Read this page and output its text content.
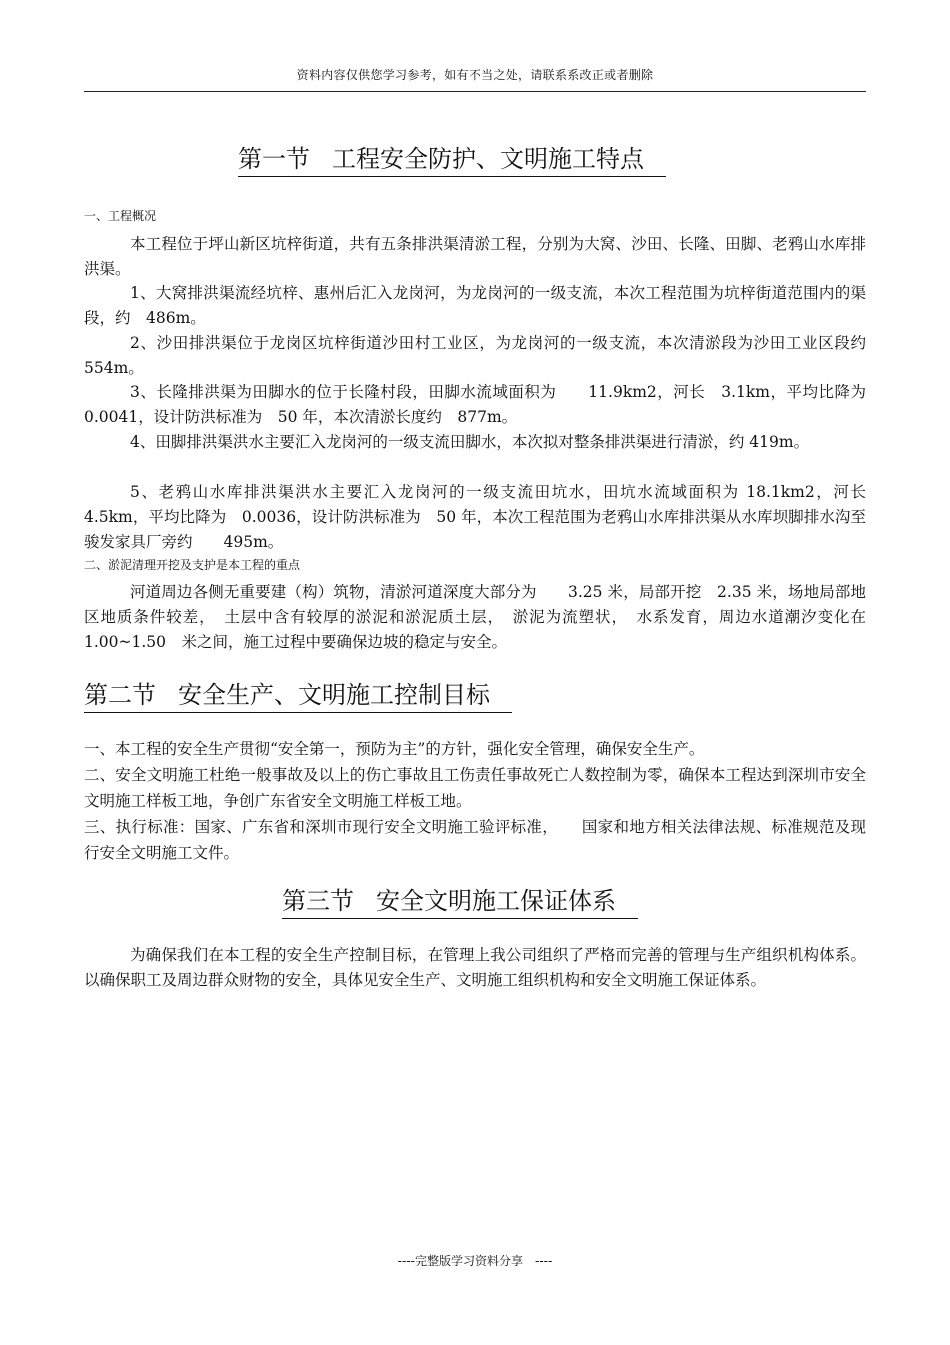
资料内容仅供您学习参考，如有不当之处，请联系系改正或者删除
第一节 工程安全防护、文明施工特点
一、工程概况
本工程位于坪山新区坑梓街道，共有五条排洪渠清淤工程，分别为大窝、沙田、长隆、田脚、老鸦山水库排洪渠。
1、大窝排洪渠流经坑梓、惠州后汇入龙岗河，为龙岗河的一级支流，本次工程范围为坑梓街道范围内的渠段，约　486m。
2、沙田排洪渠位于龙岗区坑梓街道沙田村工业区，为龙岗河的一级支流，本次清淤段为沙田工业区段约　554m。
3、长隆排洪渠为田脚水的位于长隆村段，田脚水流域面积为　　11.9km2，河长　3.1km，平均比降为　0.0041，设计防洪标准为　50 年，本次清淤长度约　877m。
4、田脚排洪渠洪水主要汇入龙岗河的一级支流田脚水，本次拟对整条排洪渠进行清淤，约 419m。
5、老鸦山水库排洪渠洪水主要汇入龙岗河的一级支流田坑水，田坑水流域面积为 18.1km2，河长 4.5km，平均比降为　0.0036，设计防洪标准为　50 年，本次工程范围为老鸦山水库排洪渠从水库坝脚排水沟至骏发家具厂旁约　　495m。
二、淤泥清理开挖及支护是本工程的重点
河道周边各侧无重要建（构）筑物，清淤河道深度大部分为　　3.25 米，局部开挖　2.35 米，场地局部地区地质条件较差，　土层中含有较厚的淤泥和淤泥质土层，　淤泥为流塑状，　水系发育，周边水道潮汐变化在　1.00~1.50　米之间，施工过程中要确保边坡的稳定与安全。
第二节 安全生产、文明施工控制目标
一、本工程的安全生产贯彻“安全第一，预防为主”的方针，强化安全管理，确保安全生产。
二、安全文明施工杜绝一般事故及以上的伤亡事故且工伤责任事故死亡人数控制为零，确保本工程达到深圳市安全文明施工样板工地，争创广东省安全文明施工样板工地。
三、执行标准：国家、广东省和深圳市现行安全文明施工验评标准，　　国家和地方相关法律法规、标准规范及现行安全文明施工文件。
第三节 安全文明施工保证体系
为确保我们在本工程的安全生产控制目标，在管理上我公司组织了严格而完善的管理与生产组织机构体系。以确保职工及周边群众财物的安全，具体见安全生产、文明施工组织机构和安全文明施工保证体系。
----完整版学习资料分享　----
